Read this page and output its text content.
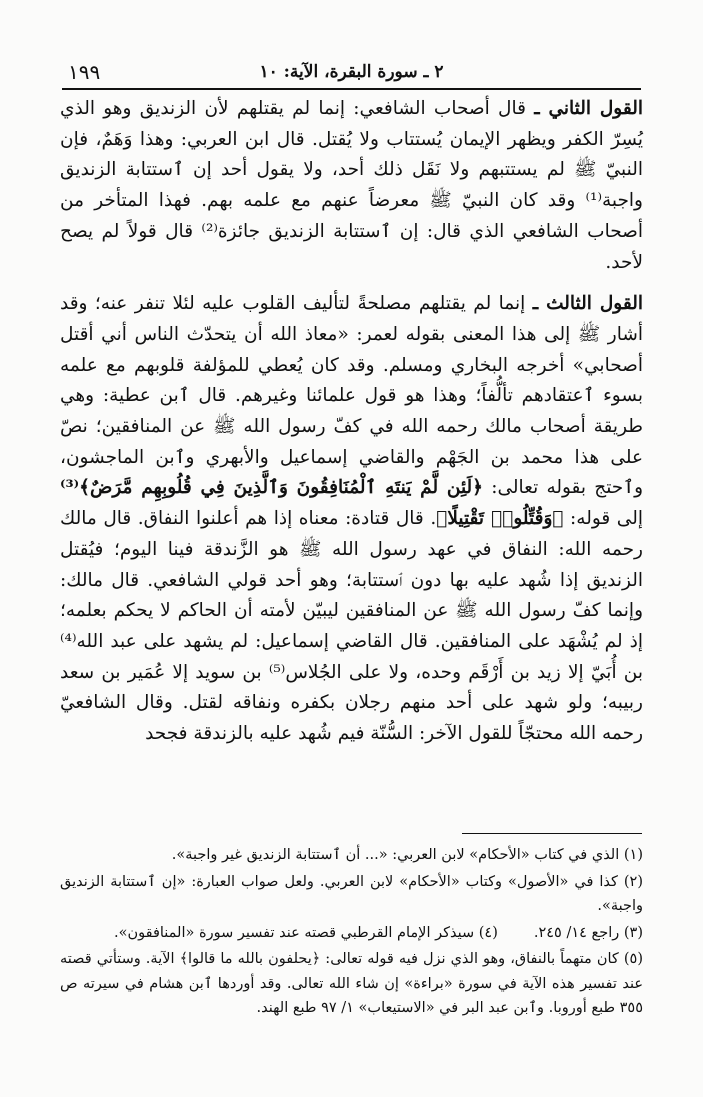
١٩٩	٢ ـ سورة البقرة، الآية: ١٠

القول الثاني ـ قال أصحاب الشافعي: إنما لم يقتلهم لأن الزنديق وهو الذي يُسِرّ الكفر ويظهر الإيمان يُستتاب ولا يُقتل. قال ابن العربي: وهذا وَهَمٌ، فإن النبيّ ﷺ لم يستتبهم ولا نَقَل ذلك أحد، ولا يقول أحد إن ٱستتابة الزنديق واجبة⁽¹⁾ وقد كان النبيّ ﷺ معرضاً عنهم مع علمه بهم. فهذا المتأخر من أصحاب الشافعي الذي قال: إن ٱستتابة الزنديق جائزة⁽²⁾ قال قولاً لم يصح لأحد.

القول الثالث ـ إنما لم يقتلهم مصلحةً لتأليف القلوب عليه لئلا تنفر عنه؛ وقد أشار ﷺ إلى هذا المعنى بقوله لعمر: «معاذ الله أن يتحدّث الناس أني أقتل أصحابي» أخرجه البخاري ومسلم. وقد كان يُعطي للمؤلفة قلوبهم مع علمه بسوء ٱعتقادهم تألُّفاً؛ وهذا هو قول علمائنا وغيرهم. قال ٱبن عطية: وهي طريقة أصحاب مالك رحمه الله في كفّ رسول الله ﷺ عن المنافقين؛ نصّ على هذا محمد بن الجَهْم والقاضي إسماعيل والأبهري وٱبن الماجشون، وٱحتج بقوله تعالى: ﴿لَئِن لَّمْ يَنتَهِ ٱلْمُنَافِقُونَ وَٱلَّذِينَ فِي قُلُوبِهِم مَّرَضٌ﴾⁽³⁾ إلى قوله: ﴿وَقُتِّلُوا۟ تَقْتِيلًا﴾. قال قتادة: معناه إذا هم أعلنوا النفاق. قال مالك رحمه الله: النفاق في عهد رسول الله ﷺ هو الزَّندقة فينا اليوم؛ فيُقتل الزنديق إذا شُهد عليه بها دون ٱستتابة؛ وهو أحد قولي الشافعي. قال مالك: وإنما كفّ رسول الله ﷺ عن المنافقين ليبيّن لأمته أن الحاكم لا يحكم بعلمه؛ إذ لم يُشْهَد على المنافقين. قال القاضي إسماعيل: لم يشهد على عبد الله⁽⁴⁾ بن أُبَيّ إلا زيد بن أَرْقَم وحده، ولا على الجُلاس⁽⁵⁾ بن سويد إلا عُمَير بن سعد ربيبه؛ ولو شهد على أحد منهم رجلان بكفره ونفاقه لقتل. وقال الشافعيّ رحمه الله محتجّاً للقول الآخر: السُّنّة فيم شُهد عليه بالزندقة فجحد

(١) الذي في كتاب «الأحكام» لابن العربي: «... أن ٱستتابة الزنديق غير واجبة».

(٢) كذا في «الأصول» وكتاب «الأحكام» لابن العربي. ولعل صواب العبارة: «إن ٱستتابة الزنديق واجبة».

(٣) راجع ١٤/ ٢٤٥.(٤) سيذكر الإمام القرطبي قصته عند تفسير سورة «المنافقون».

(٥) كان متهماً بالنفاق، وهو الذي نزل فيه قوله تعالى: ﴿يحلفون بالله ما قالوا﴾ الآية. وستأتي قصته عند تفسير هذه الآية في سورة «براءة» إن شاء الله تعالى. وقد أوردها ٱبن هشام في سيرته ص ٣٥٥ طبع أوروبا. وٱبن عبد البر في «الاستيعاب» ١/ ٩٧ طبع الهند.
